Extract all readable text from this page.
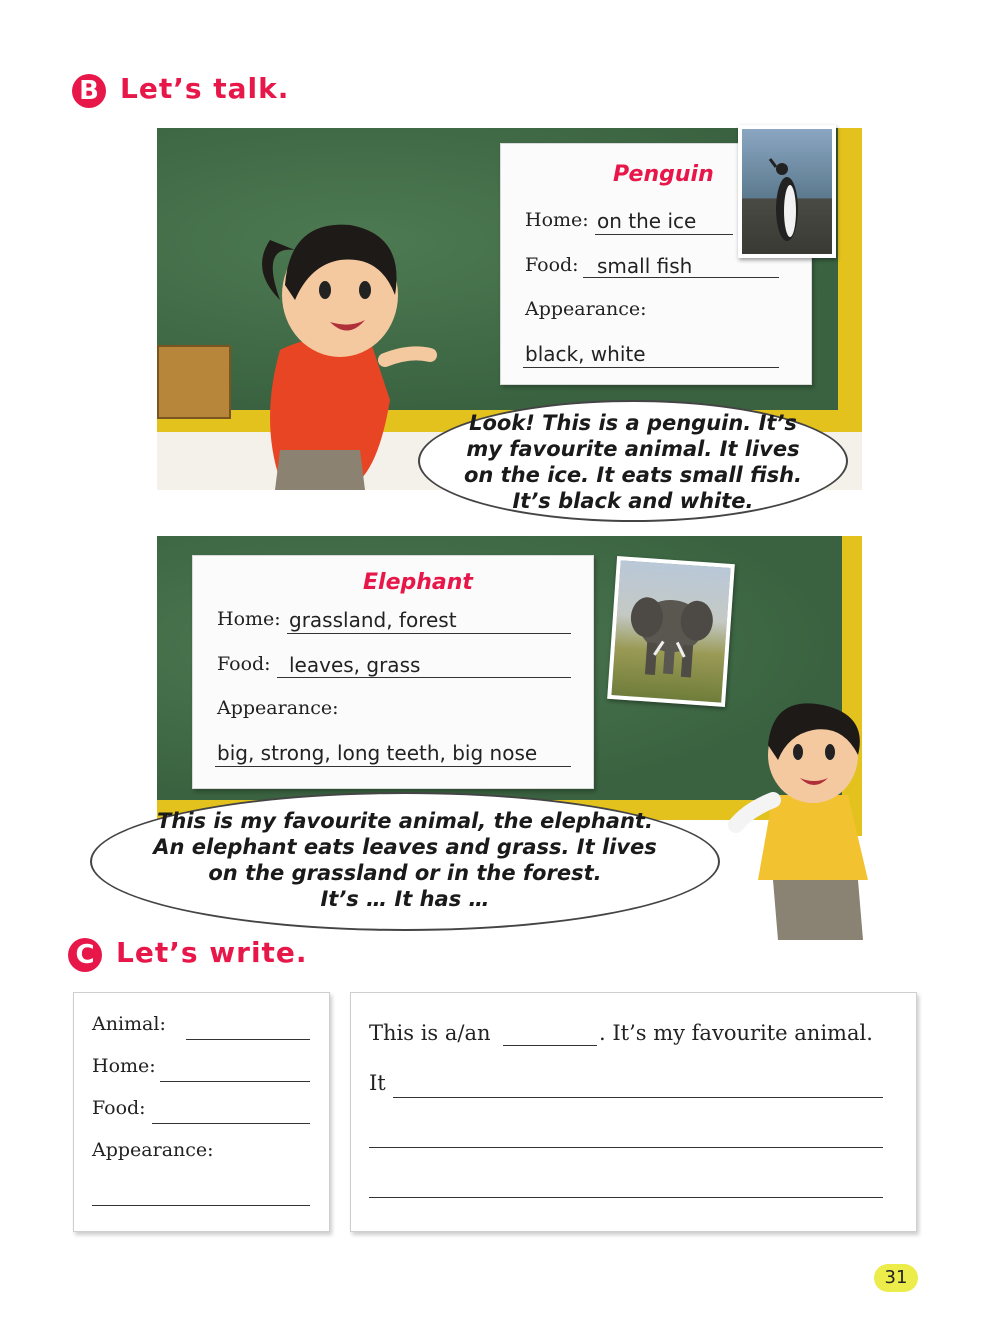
B Let’s talk.
Penguin
Home: on the ice
Food: small fish
Appearance:
black, white
Look! This is a penguin. It’s
my favourite animal. It lives
on the ice. It eats small fish.
It’s black and white.
Elephant
Home: grassland, forest
Food: leaves, grass
Appearance:
big, strong, long teeth, big nose
This is my favourite animal, the elephant.
An elephant eats leaves and grass. It lives
on the grassland or in the forest.
It’s … It has …
C Let’s write.
Animal:
Home:
Food:
Appearance:
This is a/an	. It’s my favourite animal.
It
31
